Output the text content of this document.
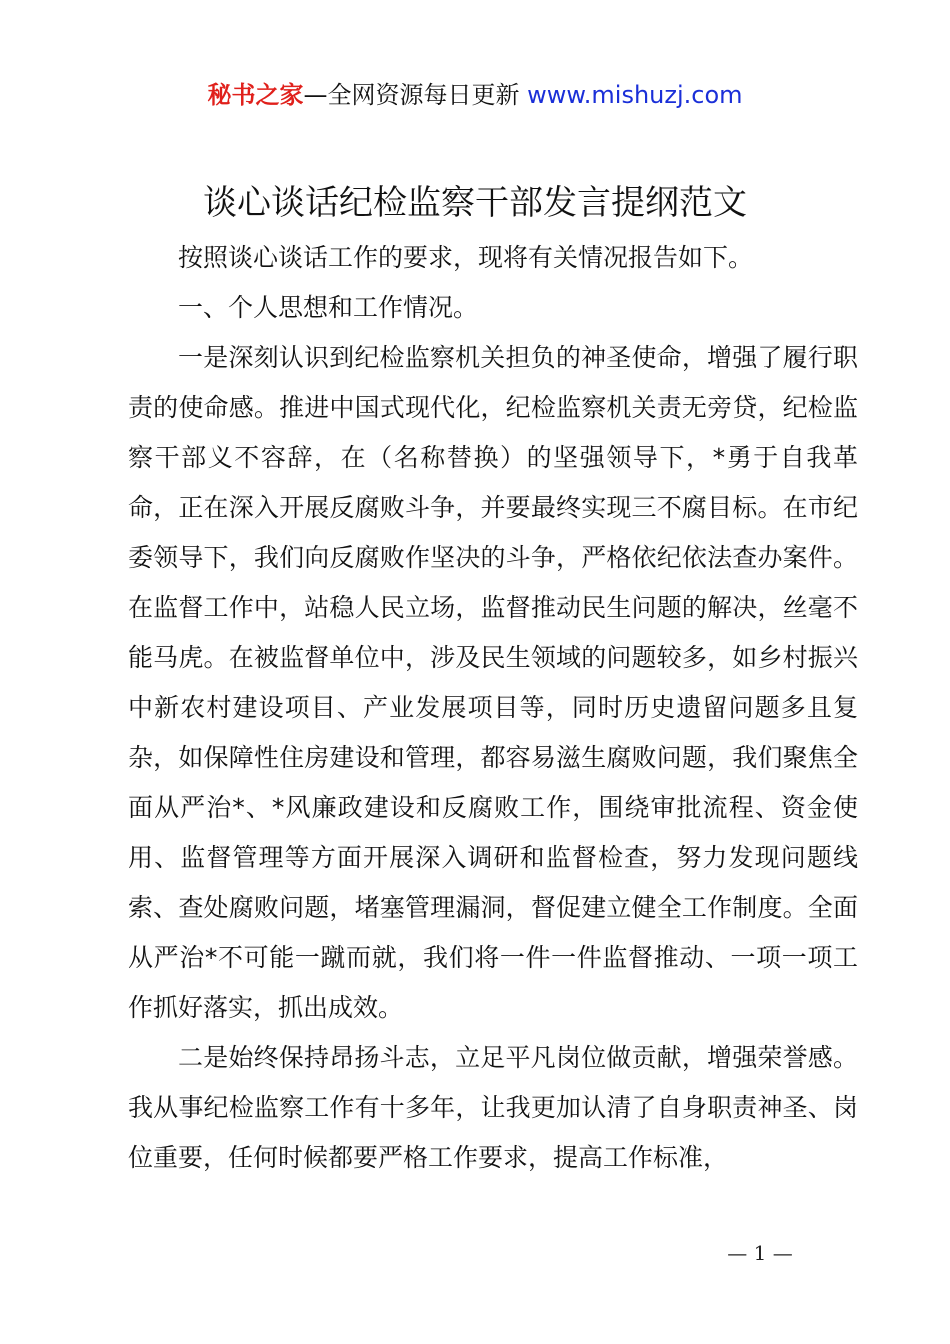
秘书之家—全网资源每日更新 www.mishuzj.com
谈心谈话纪检监察干部发言提纲范文

按照谈心谈话工作的要求，现将有关情况报告如下。

一、个人思想和工作情况。

一是深刻认识到纪检监察机关担负的神圣使命，增强了履行职责的使命感。推进中国式现代化，纪检监察机关责无旁贷，纪检监察干部义不容辞，在（名称替换）的坚强领导下，*勇于自我革命，正在深入开展反腐败斗争，并要最终实现三不腐目标。在市纪委领导下，我们向反腐败作坚决的斗争，严格依纪依法查办案件。在监督工作中，站稳人民立场，监督推动民生问题的解决，丝毫不能马虎。在被监督单位中，涉及民生领域的问题较多，如乡村振兴中新农村建设项目、产业发展项目等，同时历史遗留问题多且复杂，如保障性住房建设和管理，都容易滋生腐败问题，我们聚焦全面从严治*、*风廉政建设和反腐败工作，围绕审批流程、资金使用、监督管理等方面开展深入调研和监督检查，努力发现问题线索、查处腐败问题，堵塞管理漏洞，督促建立健全工作制度。全面从严治*不可能一蹴而就，我们将一件一件监督推动、一项一项工作抓好落实，抓出成效。

二是始终保持昂扬斗志，立足平凡岗位做贡献，增强荣誉感。我从事纪检监察工作有十多年，让我更加认清了自身职责神圣、岗位重要，任何时候都要严格工作要求，提高工作标准，

— 1 —
